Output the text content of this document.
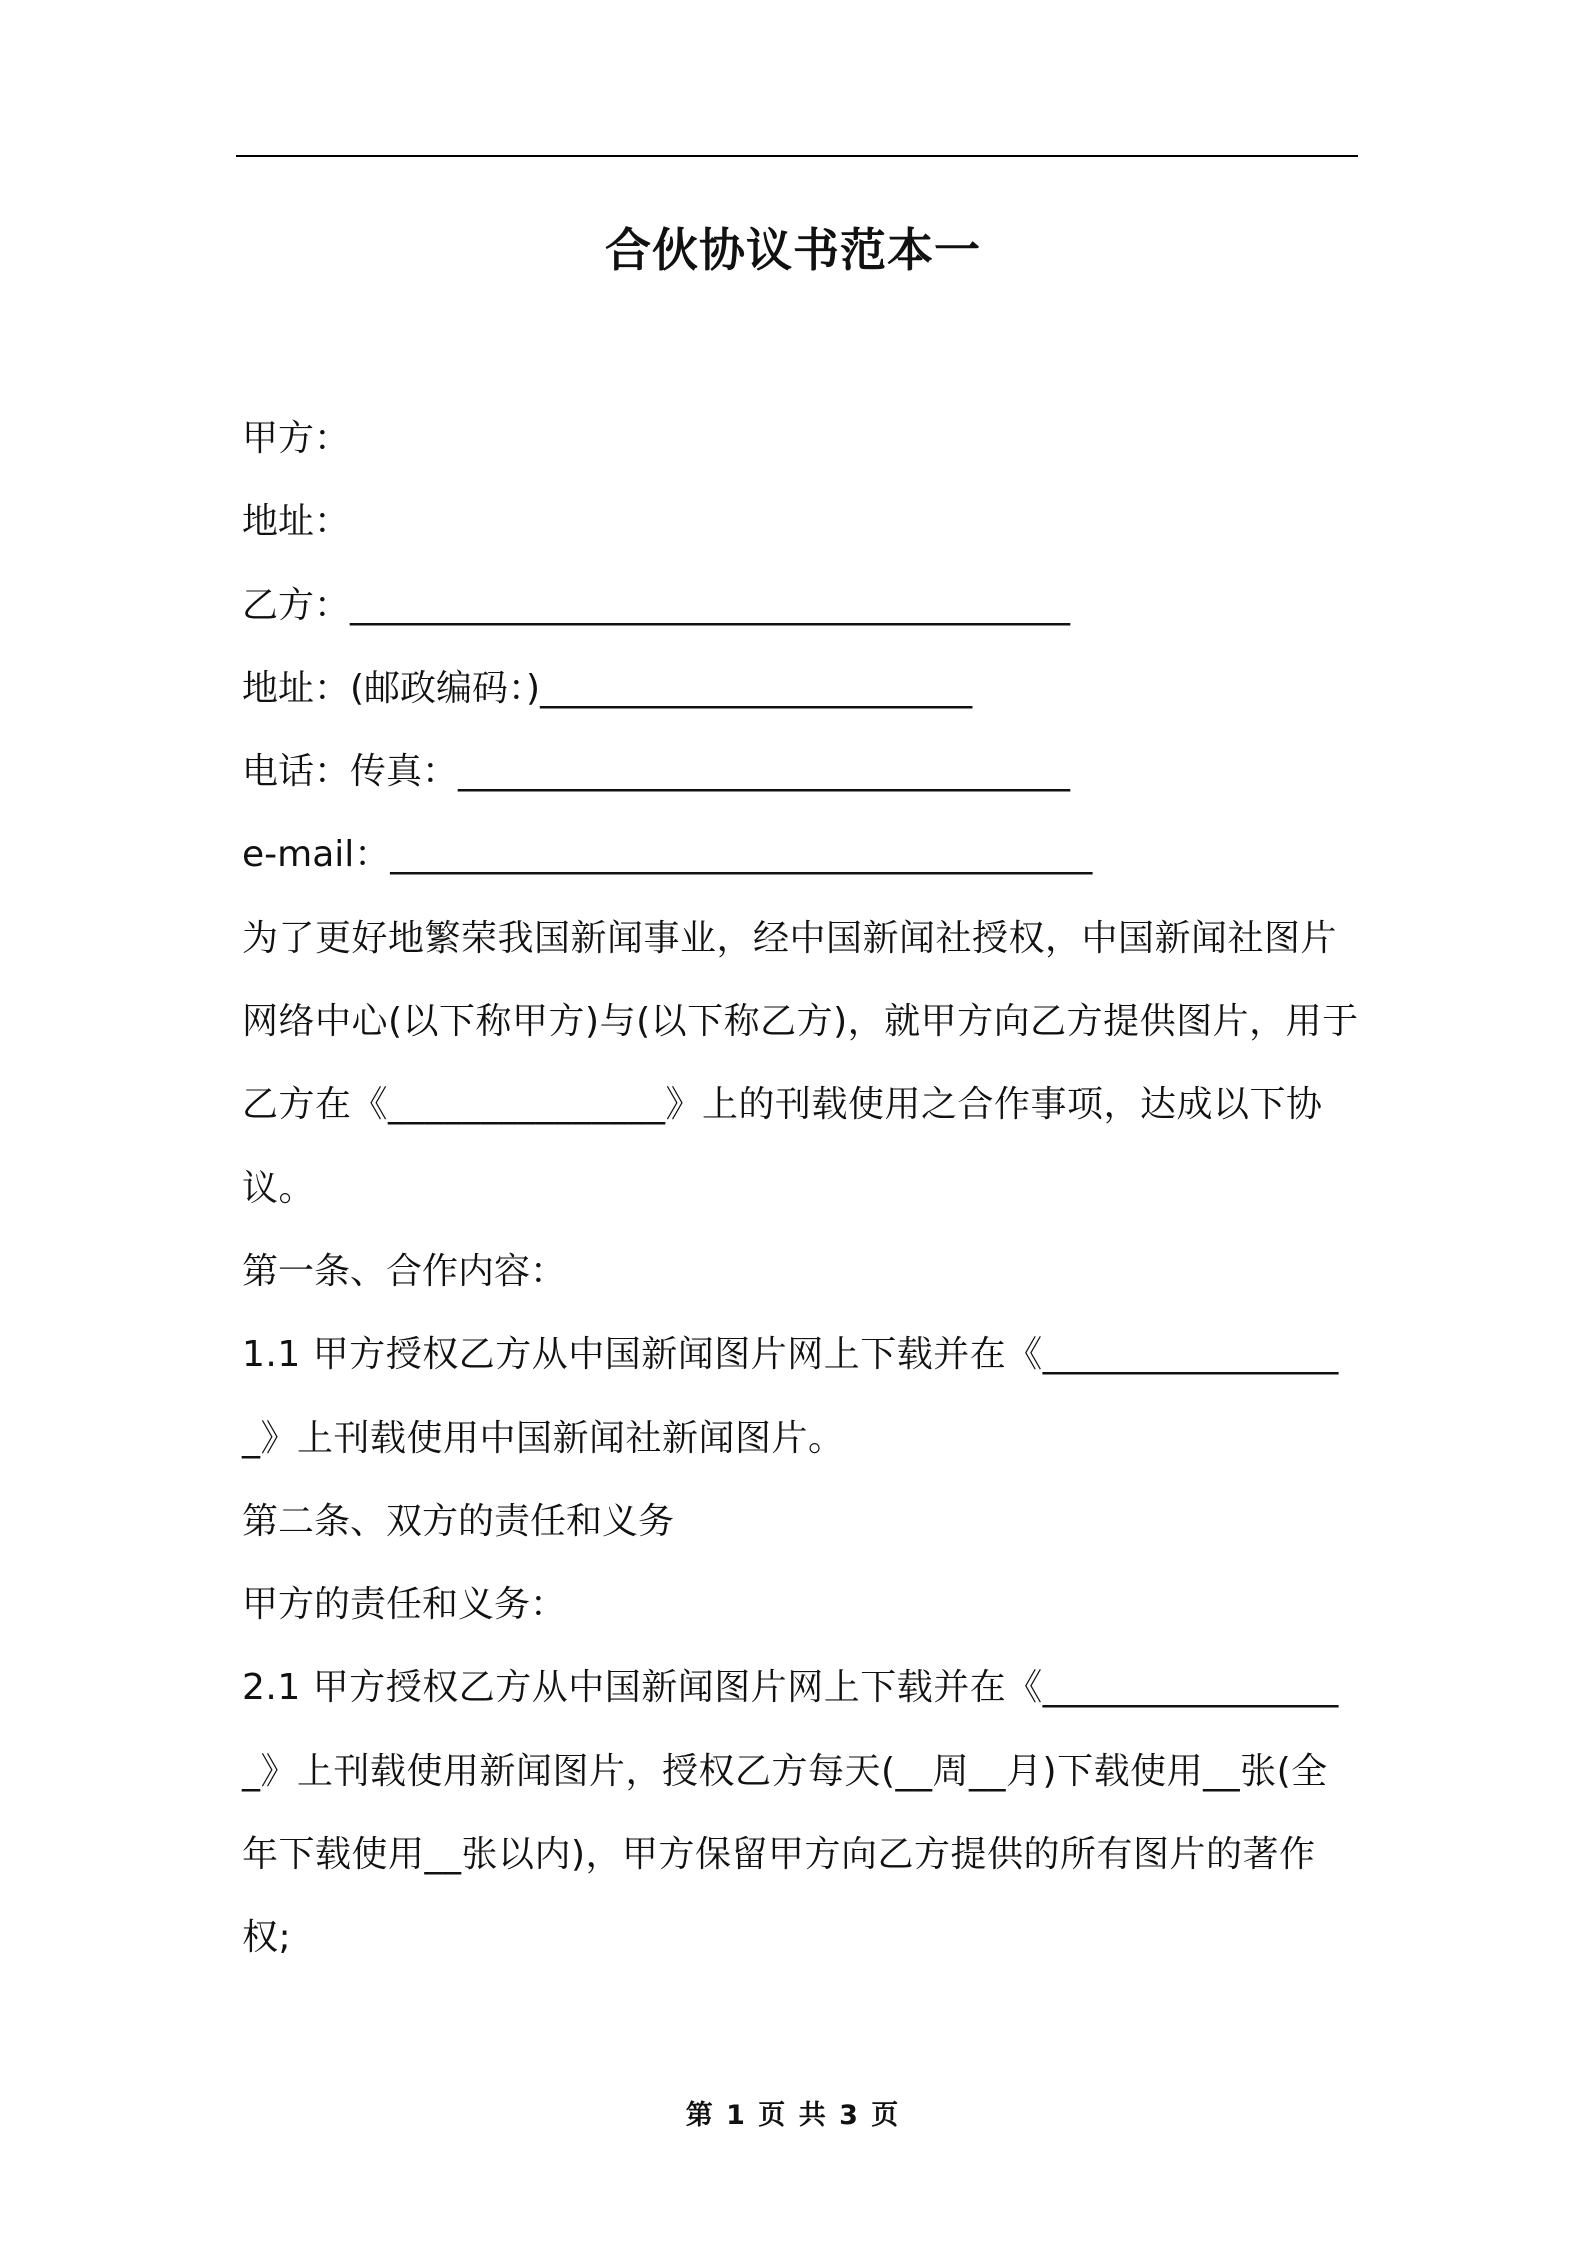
合伙协议书范本一
甲方：
地址：
乙方：________________________________________
地址：(邮政编码：)________________________
电话：传真：__________________________________
e-mail：_______________________________________
为了更好地繁荣我国新闻事业，经中国新闻社授权，中国新闻社图片网络中心(以下称甲方)与(以下称乙方)，就甲方向乙方提供图片，用于乙方在《_______________》上的刊载使用之合作事项，达成以下协议。
第一条、合作内容：
1.1 甲方授权乙方从中国新闻图片网上下载并在《_________________》上刊载使用中国新闻社新闻图片。
第二条、双方的责任和义务
甲方的责任和义务：
2.1 甲方授权乙方从中国新闻图片网上下载并在《_________________》上刊载使用新闻图片，授权乙方每天(__周__月)下载使用__张(全年下载使用__张以内)，甲方保留甲方向乙方提供的所有图片的著作权;
第 1 页 共 3 页
